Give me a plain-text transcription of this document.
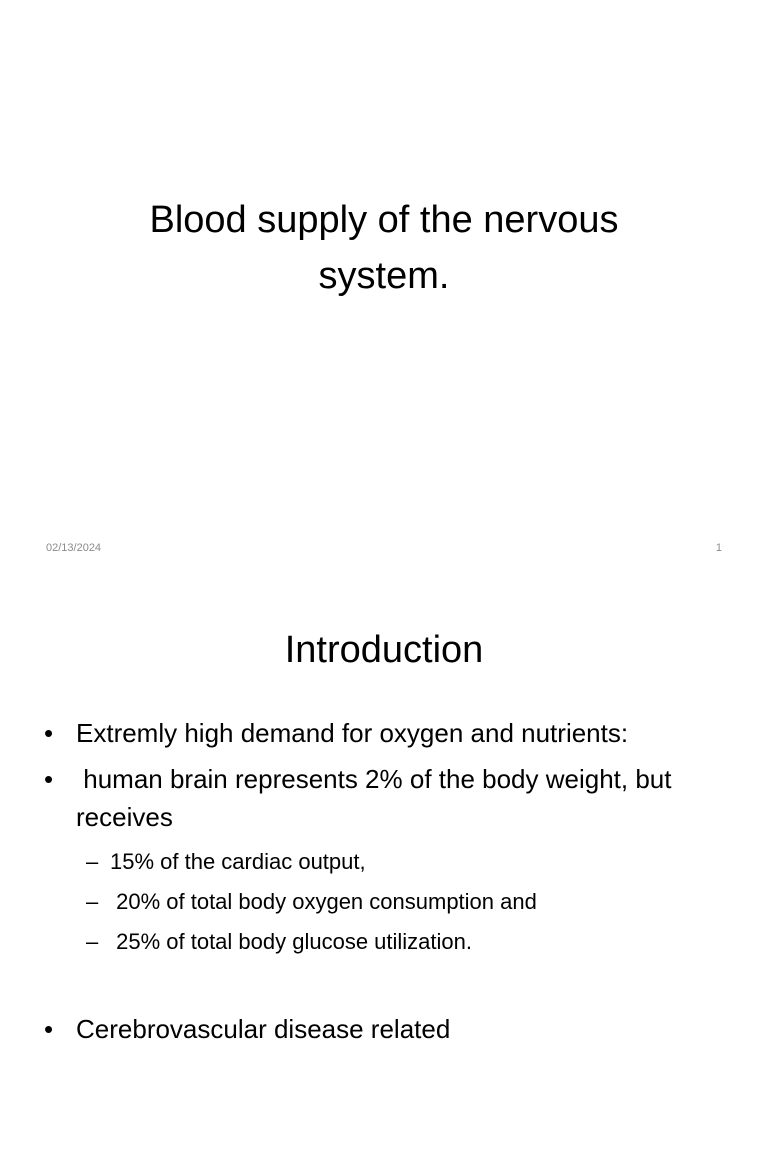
Blood supply of the nervous system.
02/13/2024	1
Introduction
• Extremly high demand for oxygen and nutrients:
• human brain represents 2% of the body weight, but receives
– 15% of the cardiac output,
– 20% of total body oxygen consumption and
– 25% of total body glucose utilization.
• Cerebrovascular disease related
